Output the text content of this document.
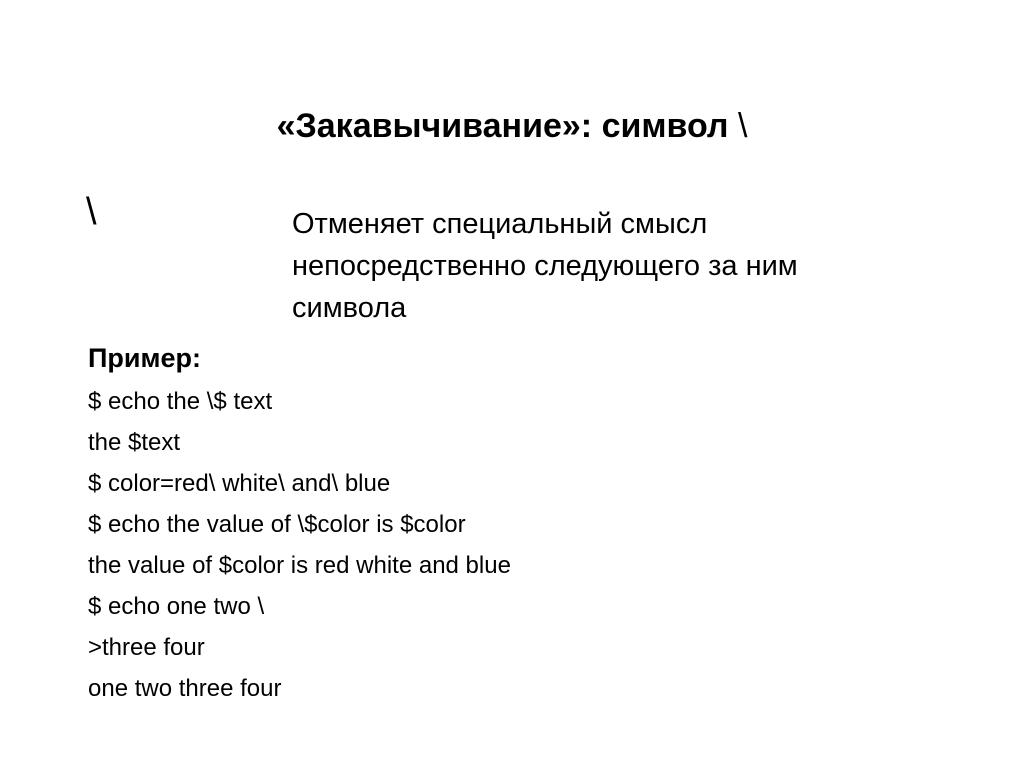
«Закавычивание»: символ \
\	Отменяет специальный смысл
непосредственно следующего за ним
символа
Пример:
$ echo the \$ text
the $text
$ color=red\ white\ and\ blue
$ echo the value of \$color is $color
the value of $color is red white and blue
$ echo one two \
>three four
one two three four
